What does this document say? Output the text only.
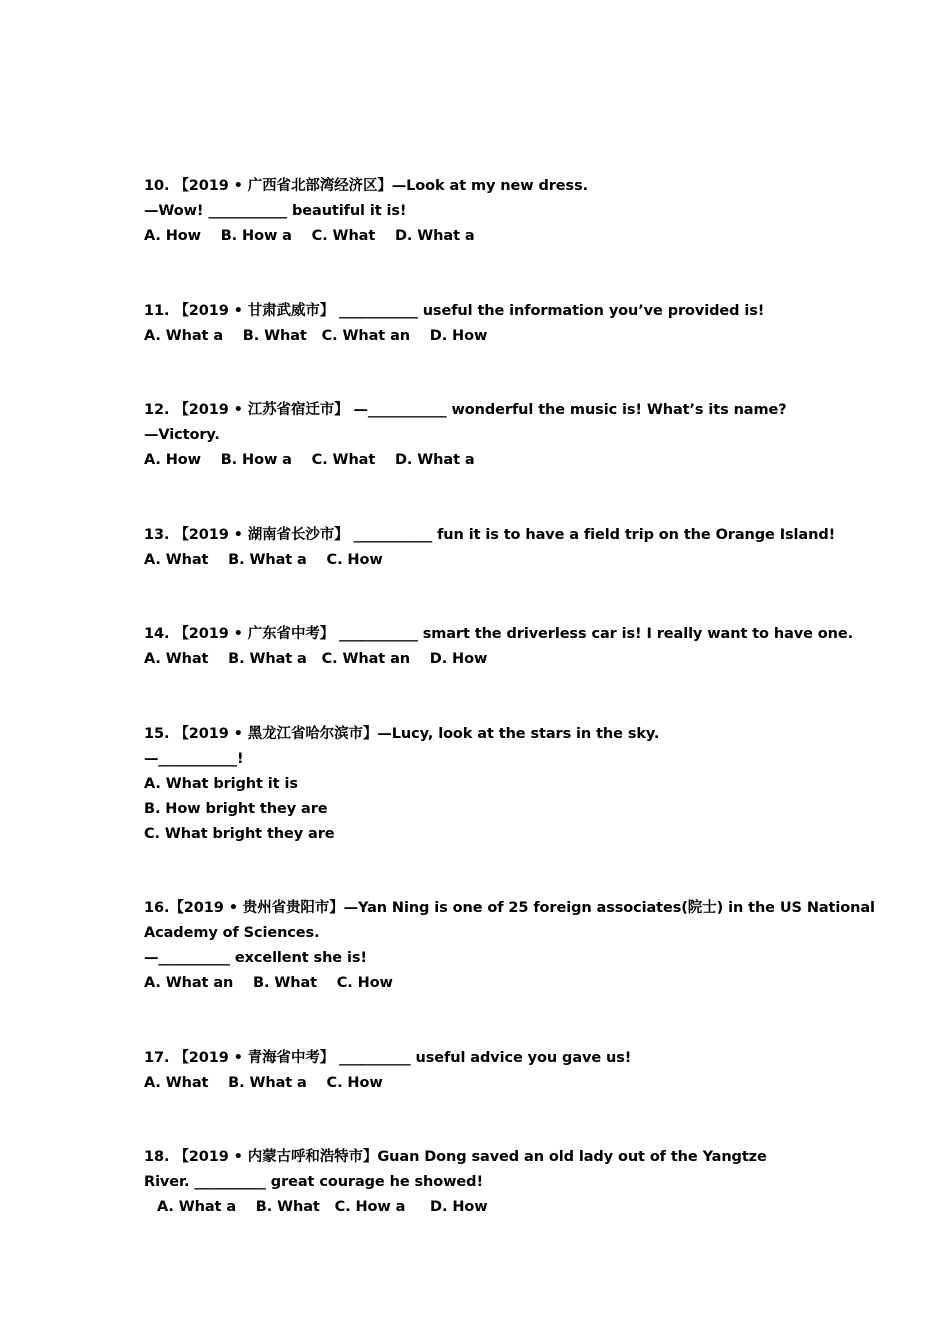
10. 【2019 • 广西省北部湾经济区】—Look at my new dress.
—Wow! ___________ beautiful it is!
A. How    B. How a    C. What    D. What a
11. 【2019 • 甘肃武威市】 ___________ useful the information you’ve provided is!
A. What a    B. What   C. What an    D. How
12. 【2019 • 江苏省宿迁市】 —___________ wonderful the music is! What’s its name?
—Victory.
A. How    B. How a    C. What    D. What a
13. 【2019 • 湖南省长沙市】 ___________ fun it is to have a field trip on the Orange Island!
A. What    B. What a    C. How
14. 【2019 • 广东省中考】 ___________ smart the driverless car is! I really want to have one.
A. What    B. What a   C. What an    D. How
15. 【2019 • 黑龙江省哈尔滨市】—Lucy, look at the stars in the sky.
—___________!
A. What bright it is
B. How bright they are
C. What bright they are
16.【2019 • 贵州省贵阳市】—Yan Ning is one of 25 foreign associates(院士) in the US National
Academy of Sciences.
—__________ excellent she is!
A. What an    B. What    C. How
17. 【2019 • 青海省中考】 __________ useful advice you gave us!
A. What    B. What a    C. How
18. 【2019 • 内蒙古呼和浩特市】Guan Dong saved an old lady out of the Yangtze
River. __________ great courage he showed!
A. What a    B. What   C. How a     D. How
